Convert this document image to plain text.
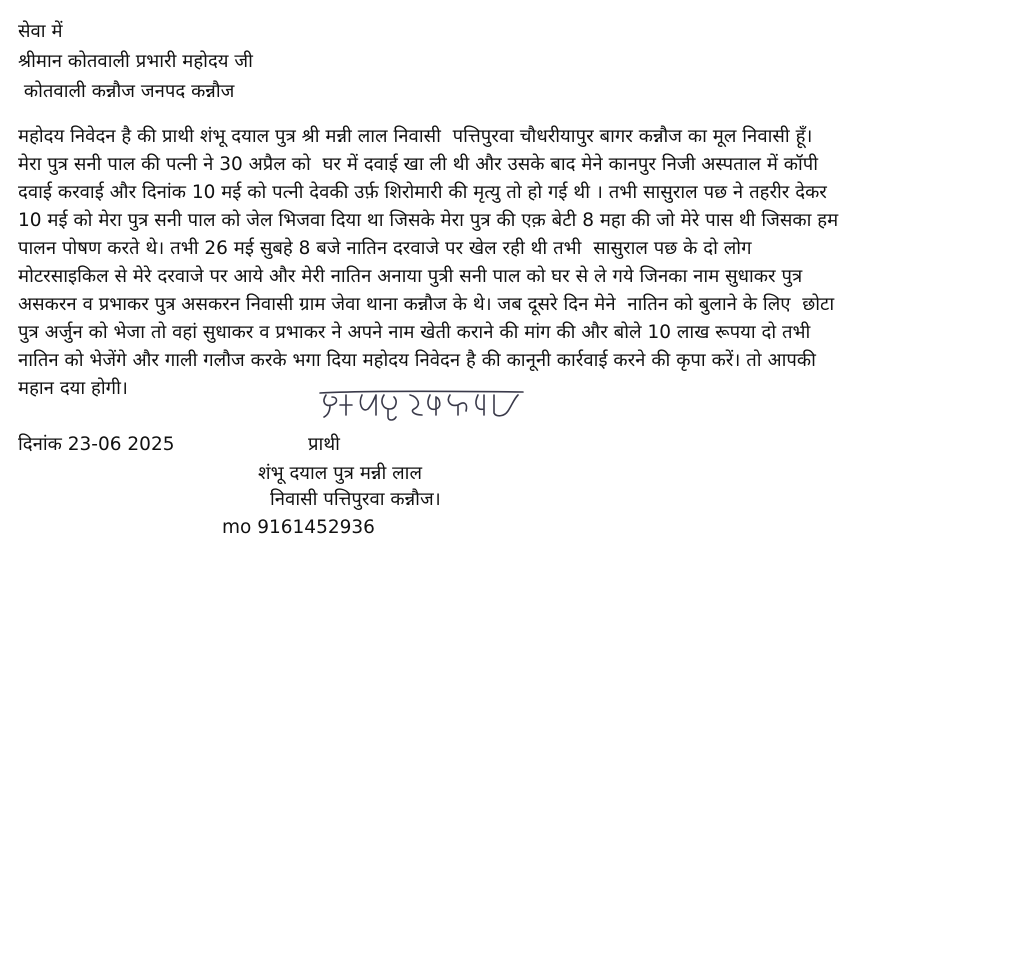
सेवा में
श्रीमान कोतवाली प्रभारी महोदय जी
कोतवाली कन्नौज जनपद कन्नौज
महोदय निवेदन है की प्राथी शंभू दयाल पुत्र श्री मन्नी लाल निवासी  पत्तिपुरवा चौधरीयापुर बागर कन्नौज का मूल निवासी हूँ।
मेरा पुत्र सनी पाल की पत्नी ने 30 अप्रैल को  घर में दवाई खा ली थी और उसके बाद मेने कानपुर निजी अस्पताल में कॉपी
दवाई करवाई और दिनांक 10 मई को पत्नी देवकी उर्फ़ शिरोमारी की मृत्यु तो हो गई थी । तभी सासुराल पछ ने तहरीर देकर
10 मई को मेरा पुत्र सनी पाल को जेल भिजवा दिया था जिसके मेरा पुत्र की एक़ बेटी 8 महा की जो मेरे पास थी जिसका हम
पालन पोषण करते थे। तभी 26 मई सुबहे 8 बजे नातिन दरवाजे पर खेल रही थी तभी  सासुराल पछ के दो लोग
मोटरसाइकिल से मेरे दरवाजे पर आये और मेरी नातिन अनाया पुत्री सनी पाल को घर से ले गये जिनका नाम सुधाकर पुत्र
असकरन व प्रभाकर पुत्र असकरन निवासी ग्राम जेवा थाना कन्नौज के थे। जब दूसरे दिन मेने  नातिन को बुलाने के लिए  छोटा
पुत्र अर्जुन को भेजा तो वहां सुधाकर व प्रभाकर ने अपने नाम खेती कराने की मांग की और बोले 10 लाख रूपया दो तभी
नातिन को भेजेंगे और गाली गलौज करके भगा दिया महोदय निवेदन है की कानूनी कार्रवाई करने की कृपा करें। तो आपकी
महान दया होगी।	शम्भू दयाल
दिनांक 23-06 2025	प्राथी
शंभू दयाल पुत्र मन्नी लाल
निवासी पत्तिपुरवा कन्नौज।
mo 9161452936
